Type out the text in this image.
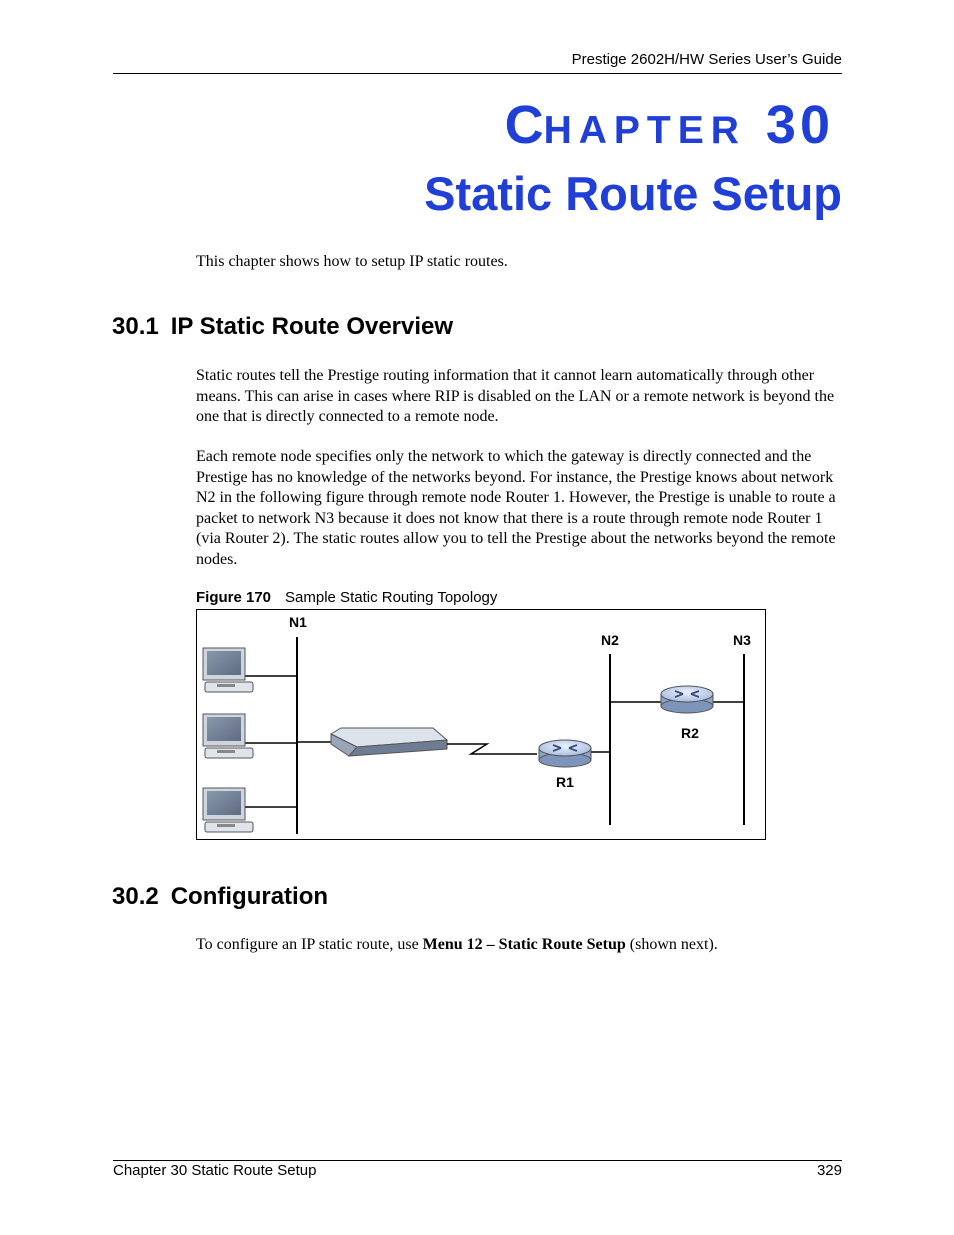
Prestige 2602H/HW Series User’s Guide
CHAPTER 30
Static Route Setup
This chapter shows how to setup IP static routes.
30.1 IP Static Route Overview
Static routes tell the Prestige routing information that it cannot learn automatically through other means. This can arise in cases where RIP is disabled on the LAN or a remote network is beyond the one that is directly connected to a remote node.
Each remote node specifies only the network to which the gateway is directly connected and the Prestige has no knowledge of the networks beyond. For instance, the Prestige knows about network N2 in the following figure through remote node Router 1. However, the Prestige is unable to route a packet to network N3 because it does not know that there is a route through remote node Router 1 (via Router 2). The static routes allow you to tell the Prestige about the networks beyond the remote nodes.
Figure 170 Sample Static Routing Topology
N1
N2	N3
R1
R2
30.2 Configuration
To configure an IP static route, use Menu 12 – Static Route Setup (shown next).
Chapter 30 Static Route Setup	329
